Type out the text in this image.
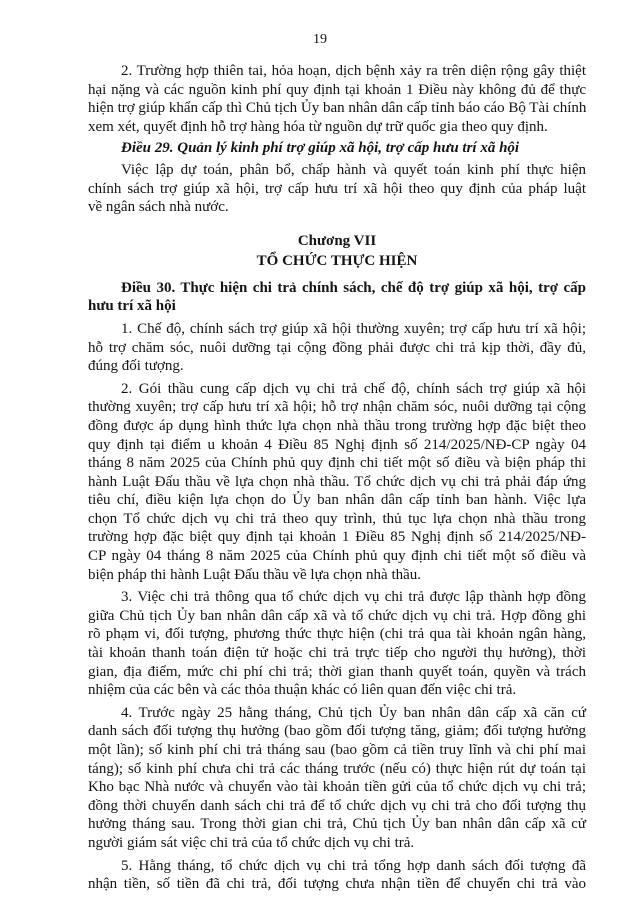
19
2. Trường hợp thiên tai, hỏa hoạn, dịch bệnh xảy ra trên diện rộng gây thiệt
hại nặng và các nguồn kinh phí quy định tại khoản 1 Điều này không đủ để thực
hiện trợ giúp khẩn cấp thì Chủ tịch Ủy ban nhân dân cấp tỉnh báo cáo Bộ Tài chính
xem xét, quyết định hỗ trợ hàng hóa từ nguồn dự trữ quốc gia theo quy định.
Điều 29. Quản lý kinh phí trợ giúp xã hội, trợ cấp hưu trí xã hội
Việc lập dự toán, phân bổ, chấp hành và quyết toán kinh phí thực hiện
chính sách trợ giúp xã hội, trợ cấp hưu trí xã hội theo quy định của pháp luật
về ngân sách nhà nước.
Chương VII
TỔ CHỨC THỰC HIỆN
Điều 30. Thực hiện chi trả chính sách, chế độ trợ giúp xã hội, trợ cấp
hưu trí xã hội
1. Chế độ, chính sách trợ giúp xã hội thường xuyên; trợ cấp hưu trí xã hội;
hỗ trợ chăm sóc, nuôi dưỡng tại cộng đồng phải được chi trả kịp thời, đầy đủ,
đúng đối tượng.
2. Gói thầu cung cấp dịch vụ chi trả chế độ, chính sách trợ giúp xã hội
thường xuyên; trợ cấp hưu trí xã hội; hỗ trợ nhận chăm sóc, nuôi dưỡng tại cộng
đồng được áp dụng hình thức lựa chọn nhà thầu trong trường hợp đặc biệt theo
quy định tại điểm u khoản 4 Điều 85 Nghị định số 214/2025/NĐ-CP ngày 04
tháng 8 năm 2025 của Chính phủ quy định chi tiết một số điều và biện pháp thi
hành Luật Đấu thầu về lựa chọn nhà thầu. Tổ chức dịch vụ chi trả phải đáp ứng
tiêu chí, điều kiện lựa chọn do Ủy ban nhân dân cấp tỉnh ban hành. Việc lựa
chọn Tổ chức dịch vụ chi trả theo quy trình, thủ tục lựa chọn nhà thầu trong
trường hợp đặc biệt quy định tại khoản 1 Điều 85 Nghị định số 214/2025/NĐ-
CP ngày 04 tháng 8 năm 2025 của Chính phủ quy định chi tiết một số điều và
biện pháp thi hành Luật Đấu thầu về lựa chọn nhà thầu.
3. Việc chi trả thông qua tổ chức dịch vụ chi trả được lập thành hợp đồng
giữa Chủ tịch Ủy ban nhân dân cấp xã và tổ chức dịch vụ chi trả. Hợp đồng ghi
rõ phạm vi, đối tượng, phương thức thực hiện (chi trả qua tài khoản ngân hàng,
tài khoản thanh toán điện tử hoặc chi trả trực tiếp cho người thụ hưởng), thời
gian, địa điểm, mức chi phí chi trả; thời gian thanh quyết toán, quyền và trách
nhiệm của các bên và các thỏa thuận khác có liên quan đến việc chi trả.
4. Trước ngày 25 hằng tháng, Chủ tịch Ủy ban nhân dân cấp xã căn cứ
danh sách đối tượng thụ hưởng (bao gồm đối tượng tăng, giảm; đối tượng hưởng
một lần); số kinh phí chi trả tháng sau (bao gồm cả tiền truy lĩnh và chi phí mai
táng); số kinh phí chưa chi trả các tháng trước (nếu có) thực hiện rút dự toán tại
Kho bạc Nhà nước và chuyển vào tài khoản tiền gửi của tổ chức dịch vụ chi trả;
đồng thời chuyển danh sách chi trả để tổ chức dịch vụ chi trả cho đối tượng thụ
hưởng tháng sau. Trong thời gian chi trả, Chủ tịch Ủy ban nhân dân cấp xã cử
người giám sát việc chi trả của tổ chức dịch vụ chi trả.
5. Hằng tháng, tổ chức dịch vụ chi trả tổng hợp danh sách đối tượng đã
nhận tiền, số tiền đã chi trả, đối tượng chưa nhận tiền để chuyển chi trả vào
